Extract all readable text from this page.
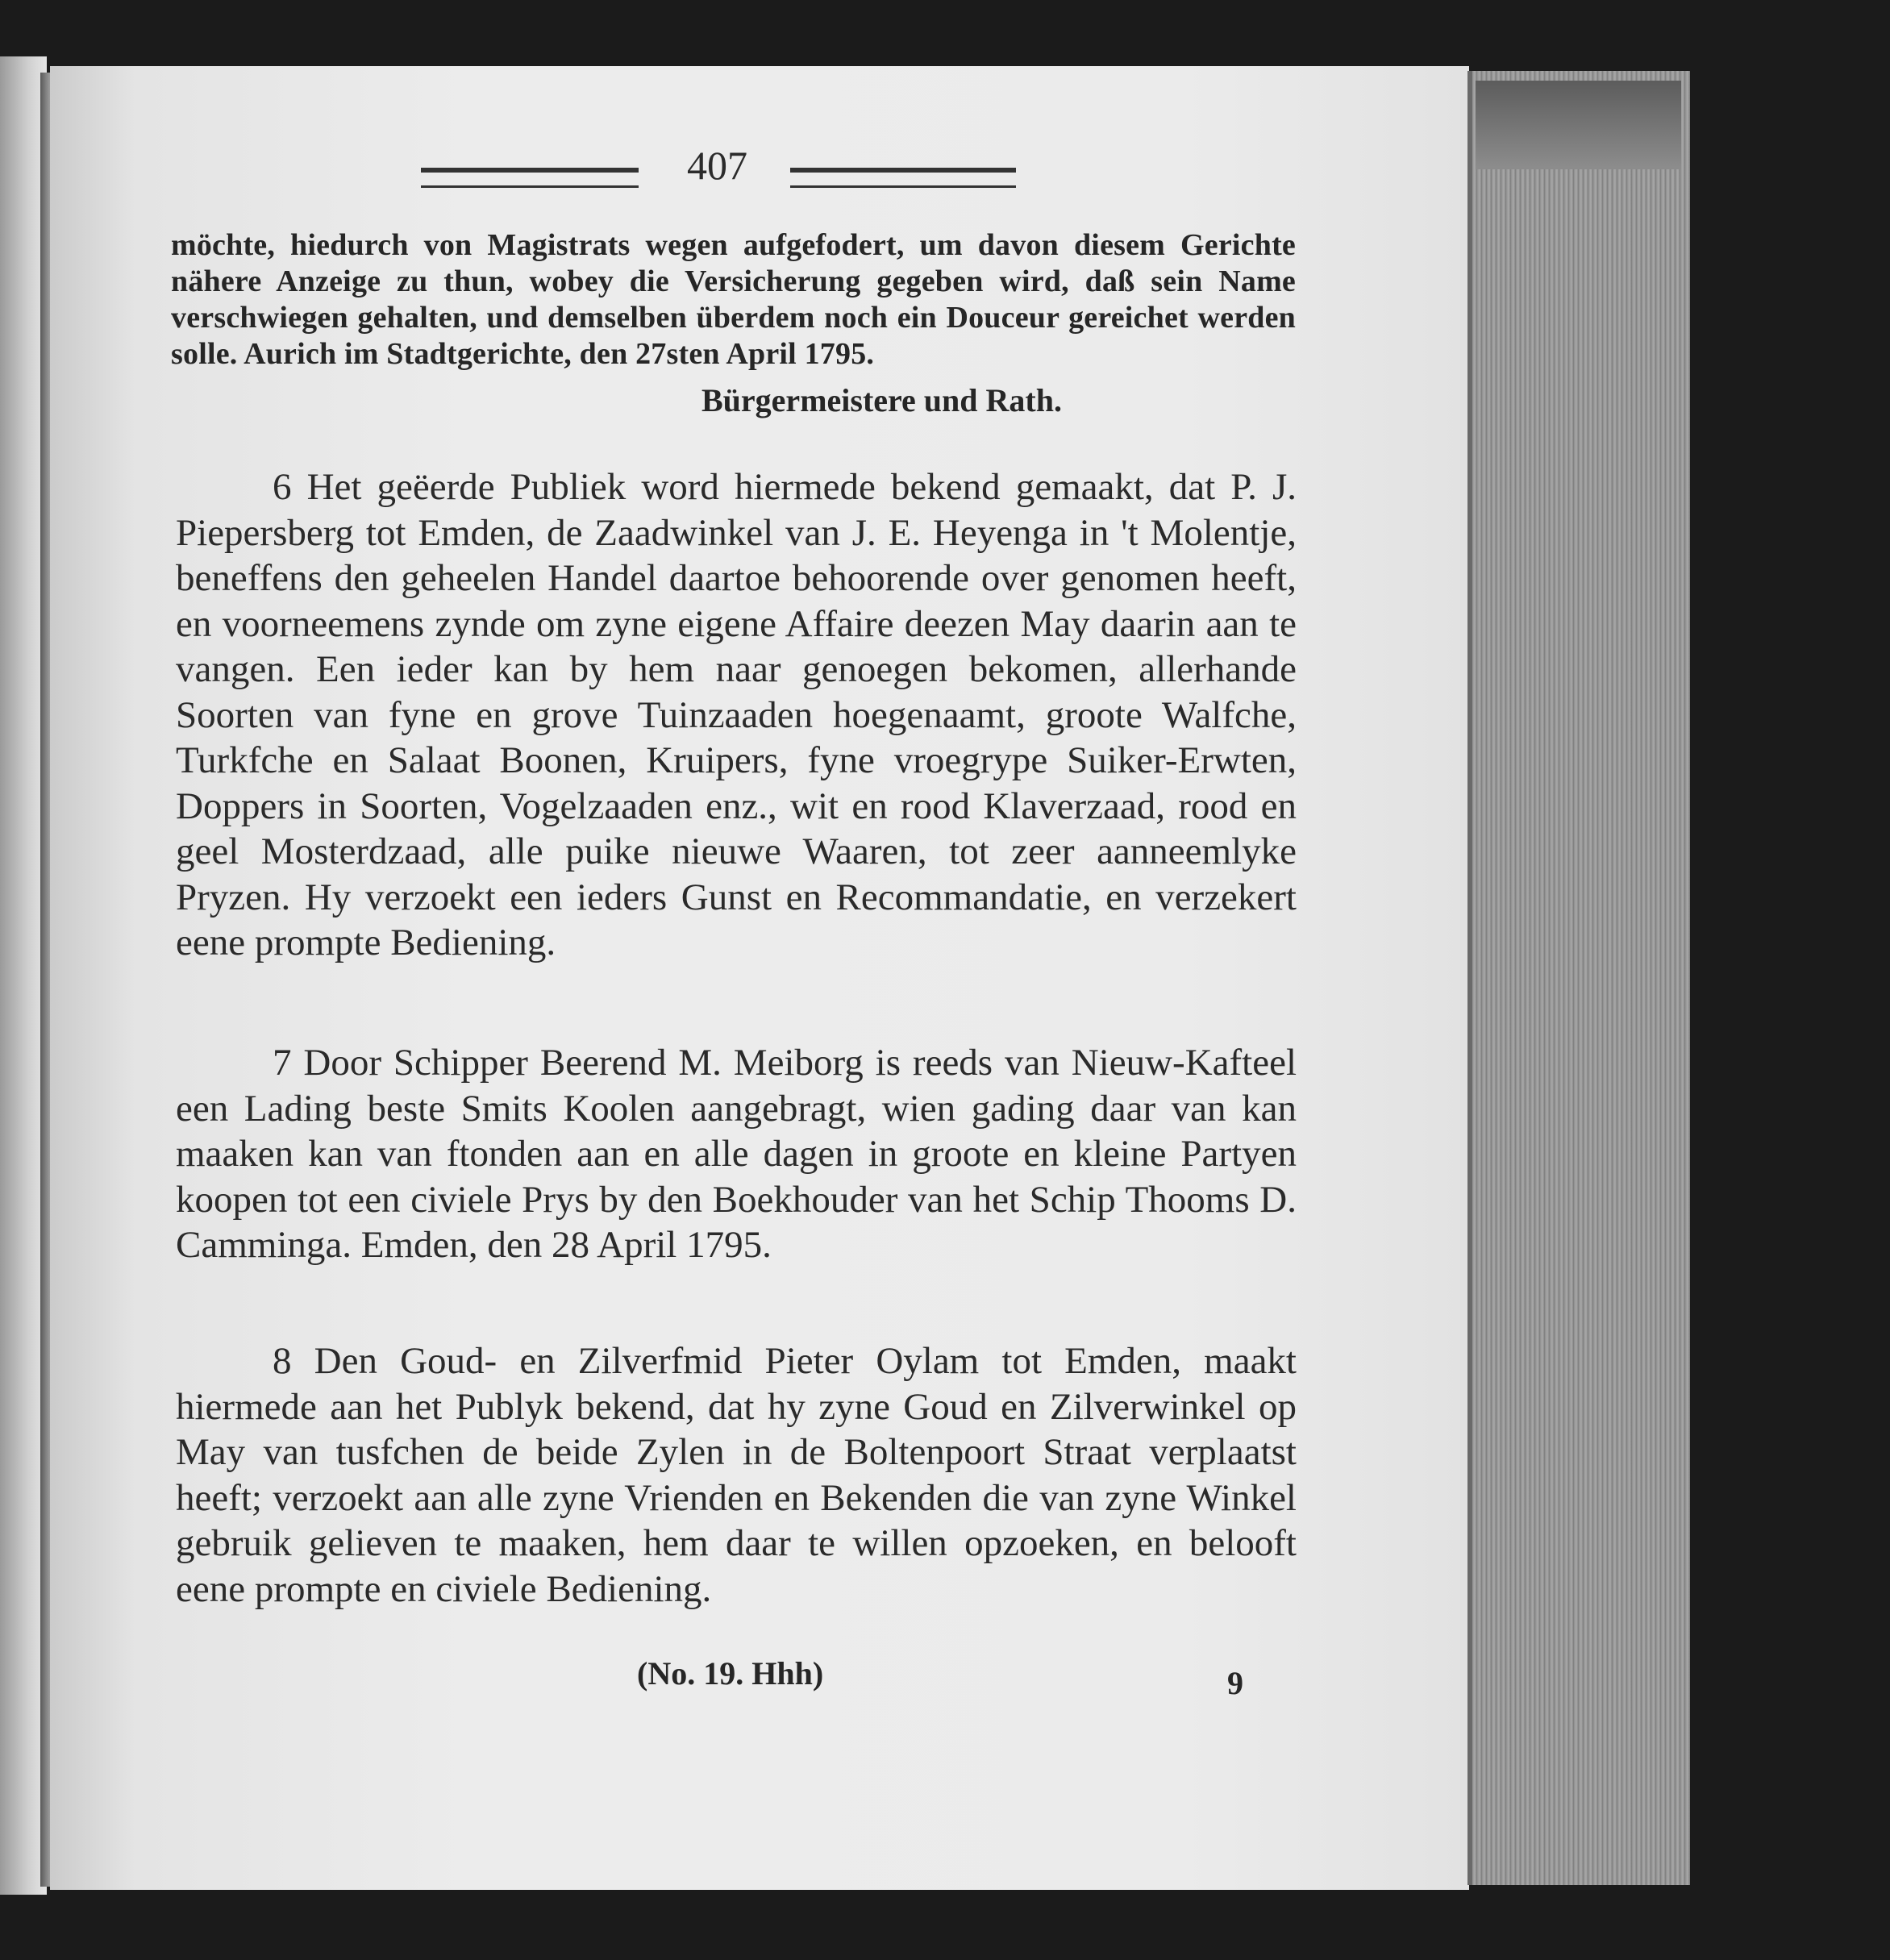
407
möchte, hiedurch von Magistrats wegen aufgefodert, um davon diesem Gerichte nähere Anzeige zu thun, wobey die Versicherung gegeben wird, daß sein Name verschwiegen gehalten, und demselben überdem noch ein Douceur gereichet werden solle. Aurich im Stadtgerichte, den 27sten April 1795.
Bürgermeistere und Rath.
6 Het geëerde Publiek word hiermede bekend gemaakt, dat P. J. Piepersberg tot Emden, de Zaadwinkel van J. E. Heyenga in 't Molentje, beneffens den geheelen Handel daartoe behoorende over genomen heeft, en voorneemens zynde om zyne eigene Affaire deezen May daarin aan te vangen. Een ieder kan by hem naar genoegen bekomen, allerhande Soorten van fyne en grove Tuinzaaden hoegenaamt, groote Walfche, Turkfche en Salaat Boonen, Kruipers, fyne vroegrype Suiker-Erwten, Doppers in Soorten, Vogelzaaden enz., wit en rood Klaverzaad, rood en geel Mosterdzaad, alle puike nieuwe Waaren, tot zeer aanneemlyke Pryzen. Hy verzoekt een ieders Gunst en Recommandatie, en verzekert eene prompte Bediening.
7 Door Schipper Beerend M. Meiborg is reeds van Nieuw-Kafteel een Lading beste Smits Koolen aangebragt, wien gading daar van kan maaken kan van ftonden aan en alle dagen in groote en kleine Partyen koopen tot een civiele Prys by den Boekhouder van het Schip Thooms D. Camminga. Emden, den 28 April 1795.
8 Den Goud- en Zilverfmid Pieter Oylam tot Emden, maakt hiermede aan het Publyk bekend, dat hy zyne Goud en Zilverwinkel op May van tusfchen de beide Zylen in de Boltenpoort Straat verplaatst heeft; verzoekt aan alle zyne Vrienden en Bekenden die van zyne Winkel gebruik gelieven te maaken, hem daar te willen opzoeken, en belooft eene prompte en civiele Bediening.
(No. 19. Hhh)	9
